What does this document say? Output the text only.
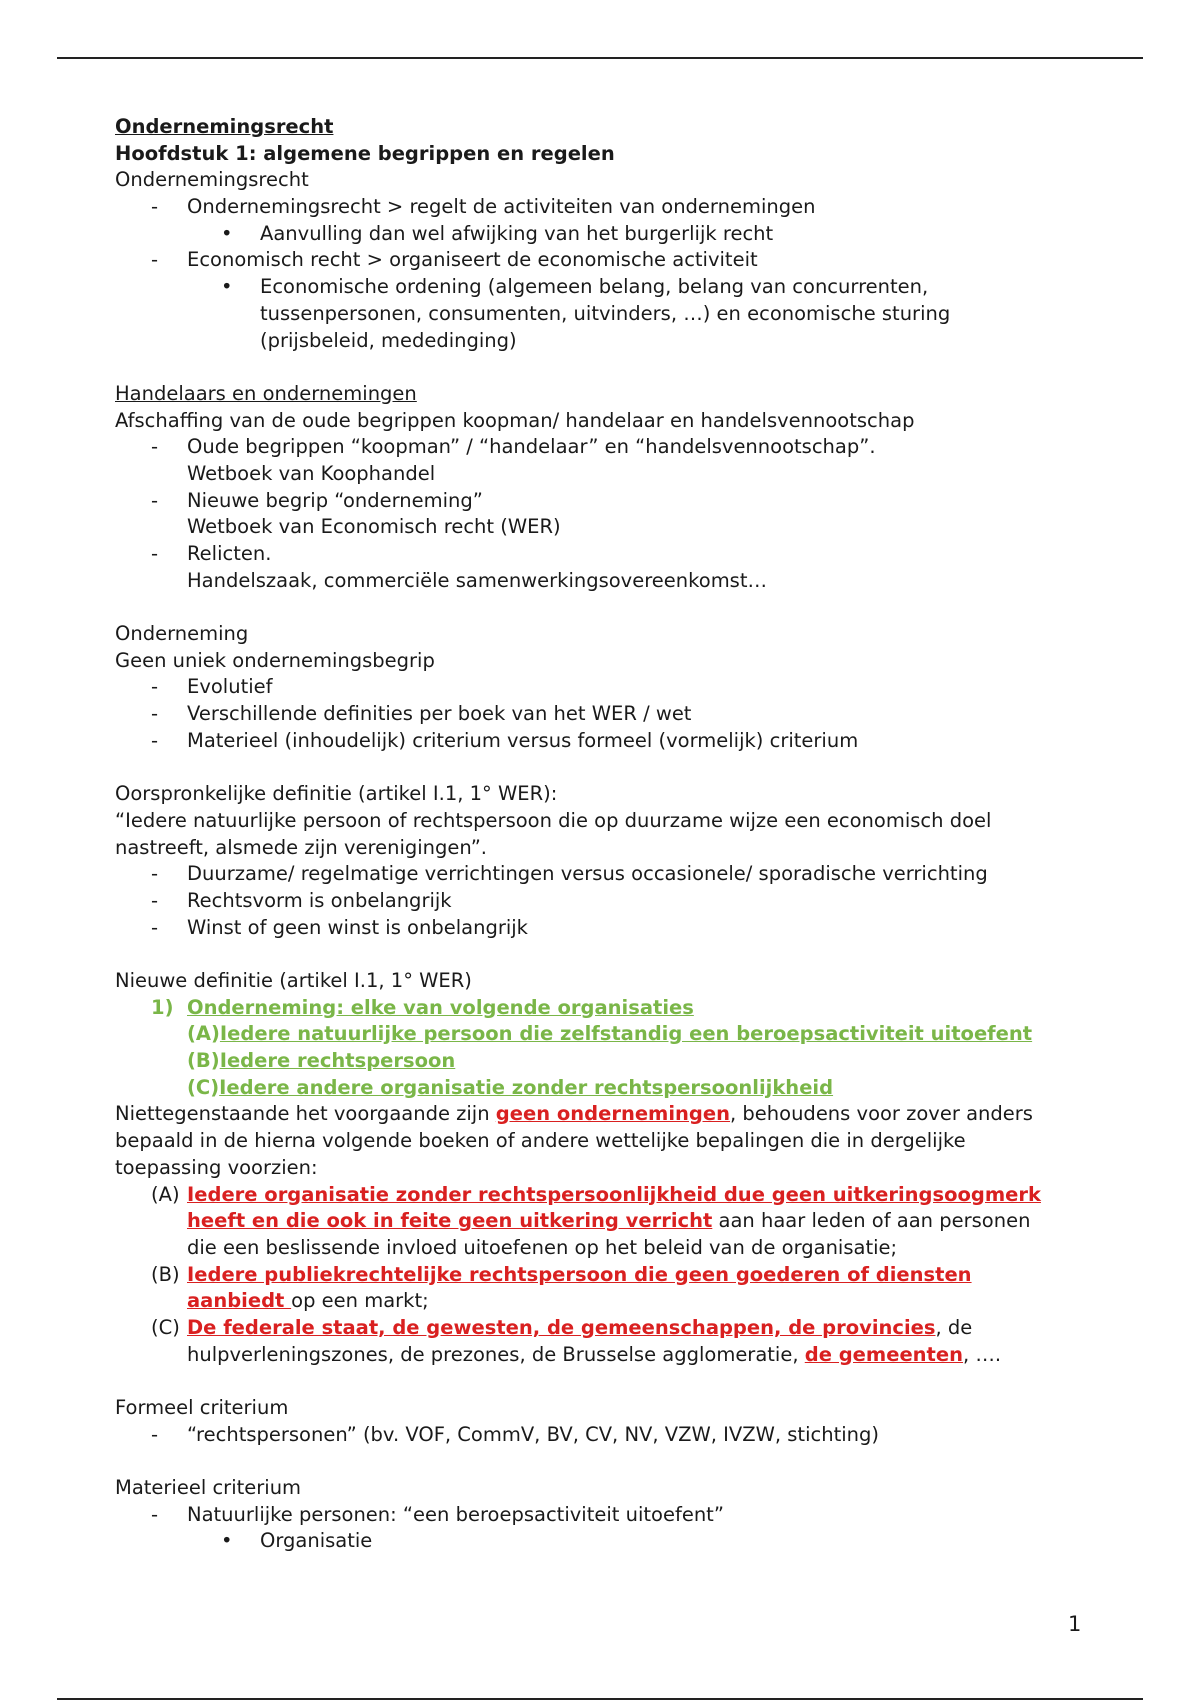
Ondernemingsrecht
Hoofdstuk 1: algemene begrippen en regelen
Ondernemingsrecht
- Ondernemingsrecht > regelt de activiteiten van ondernemingen
• Aanvulling dan wel afwijking van het burgerlijk recht
- Economisch recht > organiseert de economische activiteit
• Economische ordening (algemeen belang, belang van concurrenten,
tussenpersonen, consumenten, uitvinders, …) en economische sturing
(prijsbeleid, mededinging)
Handelaars en ondernemingen
Afschaffing van de oude begrippen koopman/ handelaar en handelsvennootschap
- Oude begrippen “koopman” / “handelaar” en “handelsvennootschap”.
Wetboek van Koophandel
- Nieuwe begrip “onderneming”
Wetboek van Economisch recht (WER)
- Relicten.
Handelszaak, commerciële samenwerkingsovereenkomst…
Onderneming
Geen uniek ondernemingsbegrip
- Evolutief
- Verschillende definities per boek van het WER / wet
- Materieel (inhoudelijk) criterium versus formeel (vormelijk) criterium
Oorspronkelijke definitie (artikel I.1, 1° WER):
“Iedere natuurlijke persoon of rechtspersoon die op duurzame wijze een economisch doel
nastreeft, alsmede zijn verenigingen”.
- Duurzame/ regelmatige verrichtingen versus occasionele/ sporadische verrichting
- Rechtsvorm is onbelangrijk
- Winst of geen winst is onbelangrijk
Nieuwe definitie (artikel I.1, 1° WER)
1) Onderneming: elke van volgende organisaties
(A)Iedere natuurlijke persoon die zelfstandig een beroepsactiviteit uitoefent
(B)Iedere rechtspersoon
(C)Iedere andere organisatie zonder rechtspersoonlijkheid
Niettegenstaande het voorgaande zijn geen ondernemingen, behoudens voor zover anders
bepaald in de hierna volgende boeken of andere wettelijke bepalingen die in dergelijke
toepassing voorzien:
(A) Iedere organisatie zonder rechtspersoonlijkheid due geen uitkeringsoogmerk
heeft en die ook in feite geen uitkering verricht aan haar leden of aan personen
die een beslissende invloed uitoefenen op het beleid van de organisatie;
(B) Iedere publiekrechtelijke rechtspersoon die geen goederen of diensten
aanbiedt op een markt;
(C) De federale staat, de gewesten, de gemeenschappen, de provincies, de
hulpverleningszones, de prezones, de Brusselse agglomeratie, de gemeenten, ….
Formeel criterium
- “rechtspersonen” (bv. VOF, CommV, BV, CV, NV, VZW, IVZW, stichting)
Materieel criterium
- Natuurlijke personen: “een beroepsactiviteit uitoefent”
• Organisatie
1
